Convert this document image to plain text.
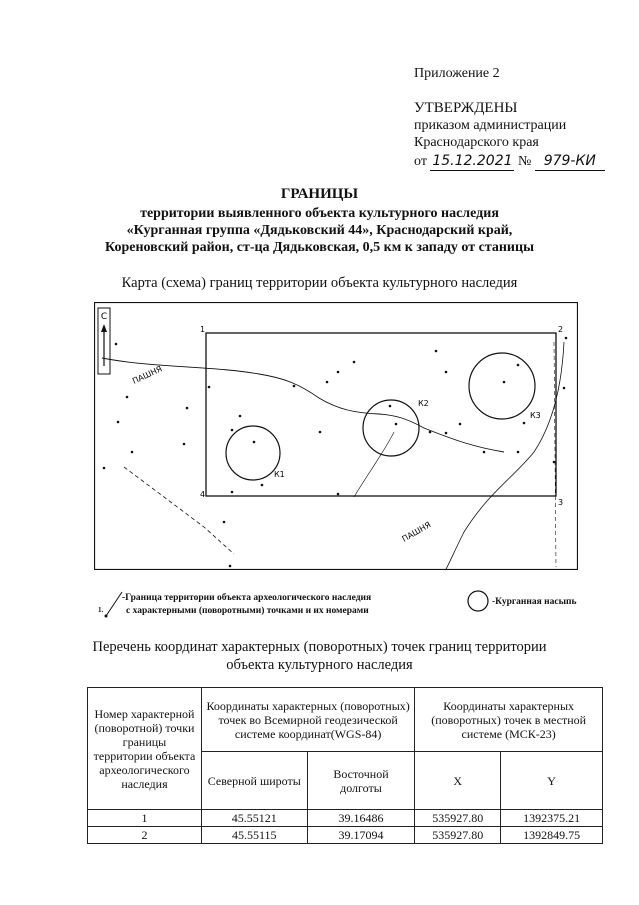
Приложение 2
УТВЕРЖДЕНЫ
приказом администрации
Краснодарского края
от 15.12.2021 № 979-КИ
ГРАНИЦЫ
территории выявленного объекта культурного наследия
«Курганная группа «Дядьковский 44», Краснодарский край,
Кореновский район, ст-ца Дядьковская, 0,5 км к западу от станицы
Карта (схема) границ территории объекта культурного наследия
С
1	2
3
4
ПАШНЯ
ПАШНЯ
К1
К2
К3
1.
-Граница территории объекта археологического наследия
с характерными (поворотными) точками и их номерами
-Курганная насыпь
Перечень координат характерных (поворотных) точек границ территории
объекта культурного наследия
Номер характерной (поворотной) точки границы территории объекта археологического наследия	Координаты характерных (поворотных) точек во Всемирной геодезической системе координат(WGS-84)		Координаты характерных (поворотных) точек в местной системе (МСК-23)	
	Северной широты	Восточной долготы	X	Y
1	45.55121	39.16486	535927.80	1392375.21
2	45.55115	39.17094	535927.80	1392849.75
